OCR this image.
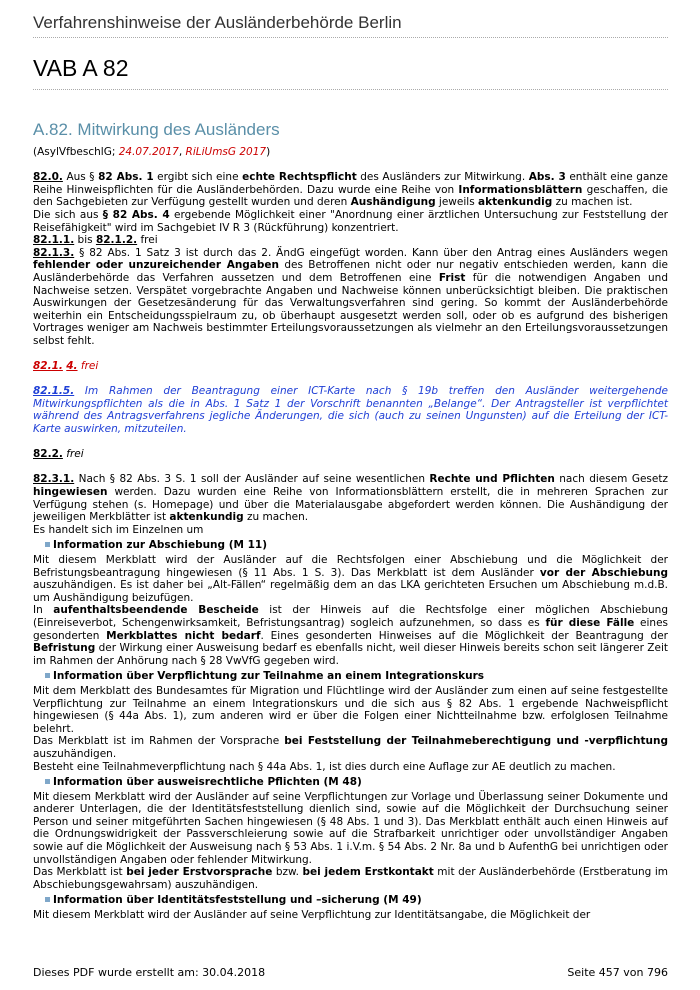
Verfahrenshinweise der Ausländerbehörde Berlin
VAB A 82
A.82. Mitwirkung des Ausländers

(AsylVfbeschlG; 24.07.2017, RiLiUmsG 2017)

82.0. Aus § 82 Abs. 1 ergibt sich eine echte Rechtspflicht des Ausländers zur Mitwirkung. Abs. 3 enthält eine ganze Reihe Hinweispflichten für die Ausländerbehörden. Dazu wurde eine Reihe von Informationsblättern geschaffen, die den Sachgebieten zur Verfügung gestellt wurden und deren Aushändigung jeweils aktenkundig zu machen ist.

Die sich aus § 82 Abs. 4 ergebende Möglichkeit einer "Anordnung einer ärztlichen Untersuchung zur Feststellung der Reisefähigkeit" wird im Sachgebiet IV R 3 (Rückführung) konzentriert.

82.1.1. bis 82.1.2. frei

82.1.3. § 82 Abs. 1 Satz 3 ist durch das 2. ÄndG eingefügt worden. Kann über den Antrag eines Ausländers wegen fehlender oder unzureichender Angaben des Betroffenen nicht oder nur negativ entschieden werden, kann die Ausländerbehörde das Verfahren aussetzen und dem Betroffenen eine Frist für die notwendigen Angaben und Nachweise setzen. Verspätet vorgebrachte Angaben und Nachweise können unberücksichtigt bleiben. Die praktischen Auswirkungen der Gesetzesänderung für das Verwaltungsverfahren sind gering. So kommt der Ausländerbehörde weiterhin ein Entscheidungsspielraum zu, ob überhaupt ausgesetzt werden soll, oder ob es aufgrund des bisherigen Vortrages weniger am Nachweis bestimmter Erteilungsvoraussetzungen als vielmehr an den Erteilungsvoraussetzungen selbst fehlt.

82.1. 4. frei

82.1.5. Im Rahmen der Beantragung einer ICT-Karte nach § 19b treffen den Ausländer weitergehende Mitwirkungspflichten als die in Abs. 1 Satz 1 der Vorschrift benannten „Belange“. Der Antragsteller ist verpflichtet während des Antragsverfahrens jegliche Änderungen, die sich (auch zu seinen Ungunsten) auf die Erteilung der ICT-Karte auswirken, mitzuteilen.

82.2. frei

82.3.1. Nach § 82 Abs. 3 S. 1 soll der Ausländer auf seine wesentlichen Rechte und Pflichten nach diesem Gesetz hingewiesen werden. Dazu wurden eine Reihe von Informationsblättern erstellt, die in mehreren Sprachen zur Verfügung stehen (s. Homepage) und über die Materialausgabe abgefordert werden können. Die Aushändigung der jeweiligen Merkblätter ist aktenkundig zu machen.

Es handelt sich im Einzelnen um

Information zur Abschiebung (M 11)

Mit diesem Merkblatt wird der Ausländer auf die Rechtsfolgen einer Abschiebung und die Möglichkeit der Befristungsbeantragung hingewiesen (§ 11 Abs. 1 S. 3). Das Merkblatt ist dem Ausländer vor der Abschiebung auszuhändigen. Es ist daher bei „Alt-Fällen“ regelmäßig dem an das LKA gerichteten Ersuchen um Abschiebung m.d.B. um Aushändigung beizufügen.

In aufenthaltsbeendende Bescheide ist der Hinweis auf die Rechtsfolge einer möglichen Abschiebung (Einreiseverbot, Schengenwirksamkeit, Befristungsantrag) sogleich aufzunehmen, so dass es für diese Fälle eines gesonderten Merkblattes nicht bedarf. Eines gesonderten Hinweises auf die Möglichkeit der Beantragung der Befristung der Wirkung einer Ausweisung bedarf es ebenfalls nicht, weil dieser Hinweis bereits schon seit längerer Zeit im Rahmen der Anhörung nach § 28 VwVfG gegeben wird.

Information über Verpflichtung zur Teilnahme an einem Integrationskurs

Mit dem Merkblatt des Bundesamtes für Migration und Flüchtlinge wird der Ausländer zum einen auf seine festgestellte Verpflichtung zur Teilnahme an einem Integrationskurs und die sich aus § 82 Abs. 1 ergebende Nachweispflicht hingewiesen (§ 44a Abs. 1), zum anderen wird er über die Folgen einer Nichtteilnahme bzw. erfolglosen Teilnahme belehrt.

Das Merkblatt ist im Rahmen der Vorsprache bei Feststellung der Teilnahmeberechtigung und -verpflichtung auszuhändigen.

Besteht eine Teilnahmeverpflichtung nach § 44a Abs. 1, ist dies durch eine Auflage zur AE deutlich zu machen.

Information über ausweisrechtliche Pflichten (M 48)

Mit diesem Merkblatt wird der Ausländer auf seine Verpflichtungen zur Vorlage und Überlassung seiner Dokumente und anderer Unterlagen, die der Identitätsfeststellung dienlich sind, sowie auf die Möglichkeit der Durchsuchung seiner Person und seiner mitgeführten Sachen hingewiesen (§ 48 Abs. 1 und 3). Das Merkblatt enthält auch einen Hinweis auf die Ordnungswidrigkeit der Passverschleierung sowie auf die Strafbarkeit unrichtiger oder unvollständiger Angaben sowie auf die Möglichkeit der Ausweisung nach § 53 Abs. 1 i.V.m. § 54 Abs. 2 Nr. 8a und b AufenthG bei unrichtigen oder unvollständigen Angaben oder fehlender Mitwirkung.

Das Merkblatt ist bei jeder Erstvorsprache bzw. bei jedem Erstkontakt mit der Ausländerbehörde (Erstberatung im Abschiebungsgewahrsam) auszuhändigen.

Information über Identitätsfeststellung und –sicherung (M 49)

Mit diesem Merkblatt wird der Ausländer auf seine Verpflichtung zur Identitätsangabe, die Möglichkeit der

Dieses PDF wurde erstellt am: 30.04.2018	Seite 457 von 796
